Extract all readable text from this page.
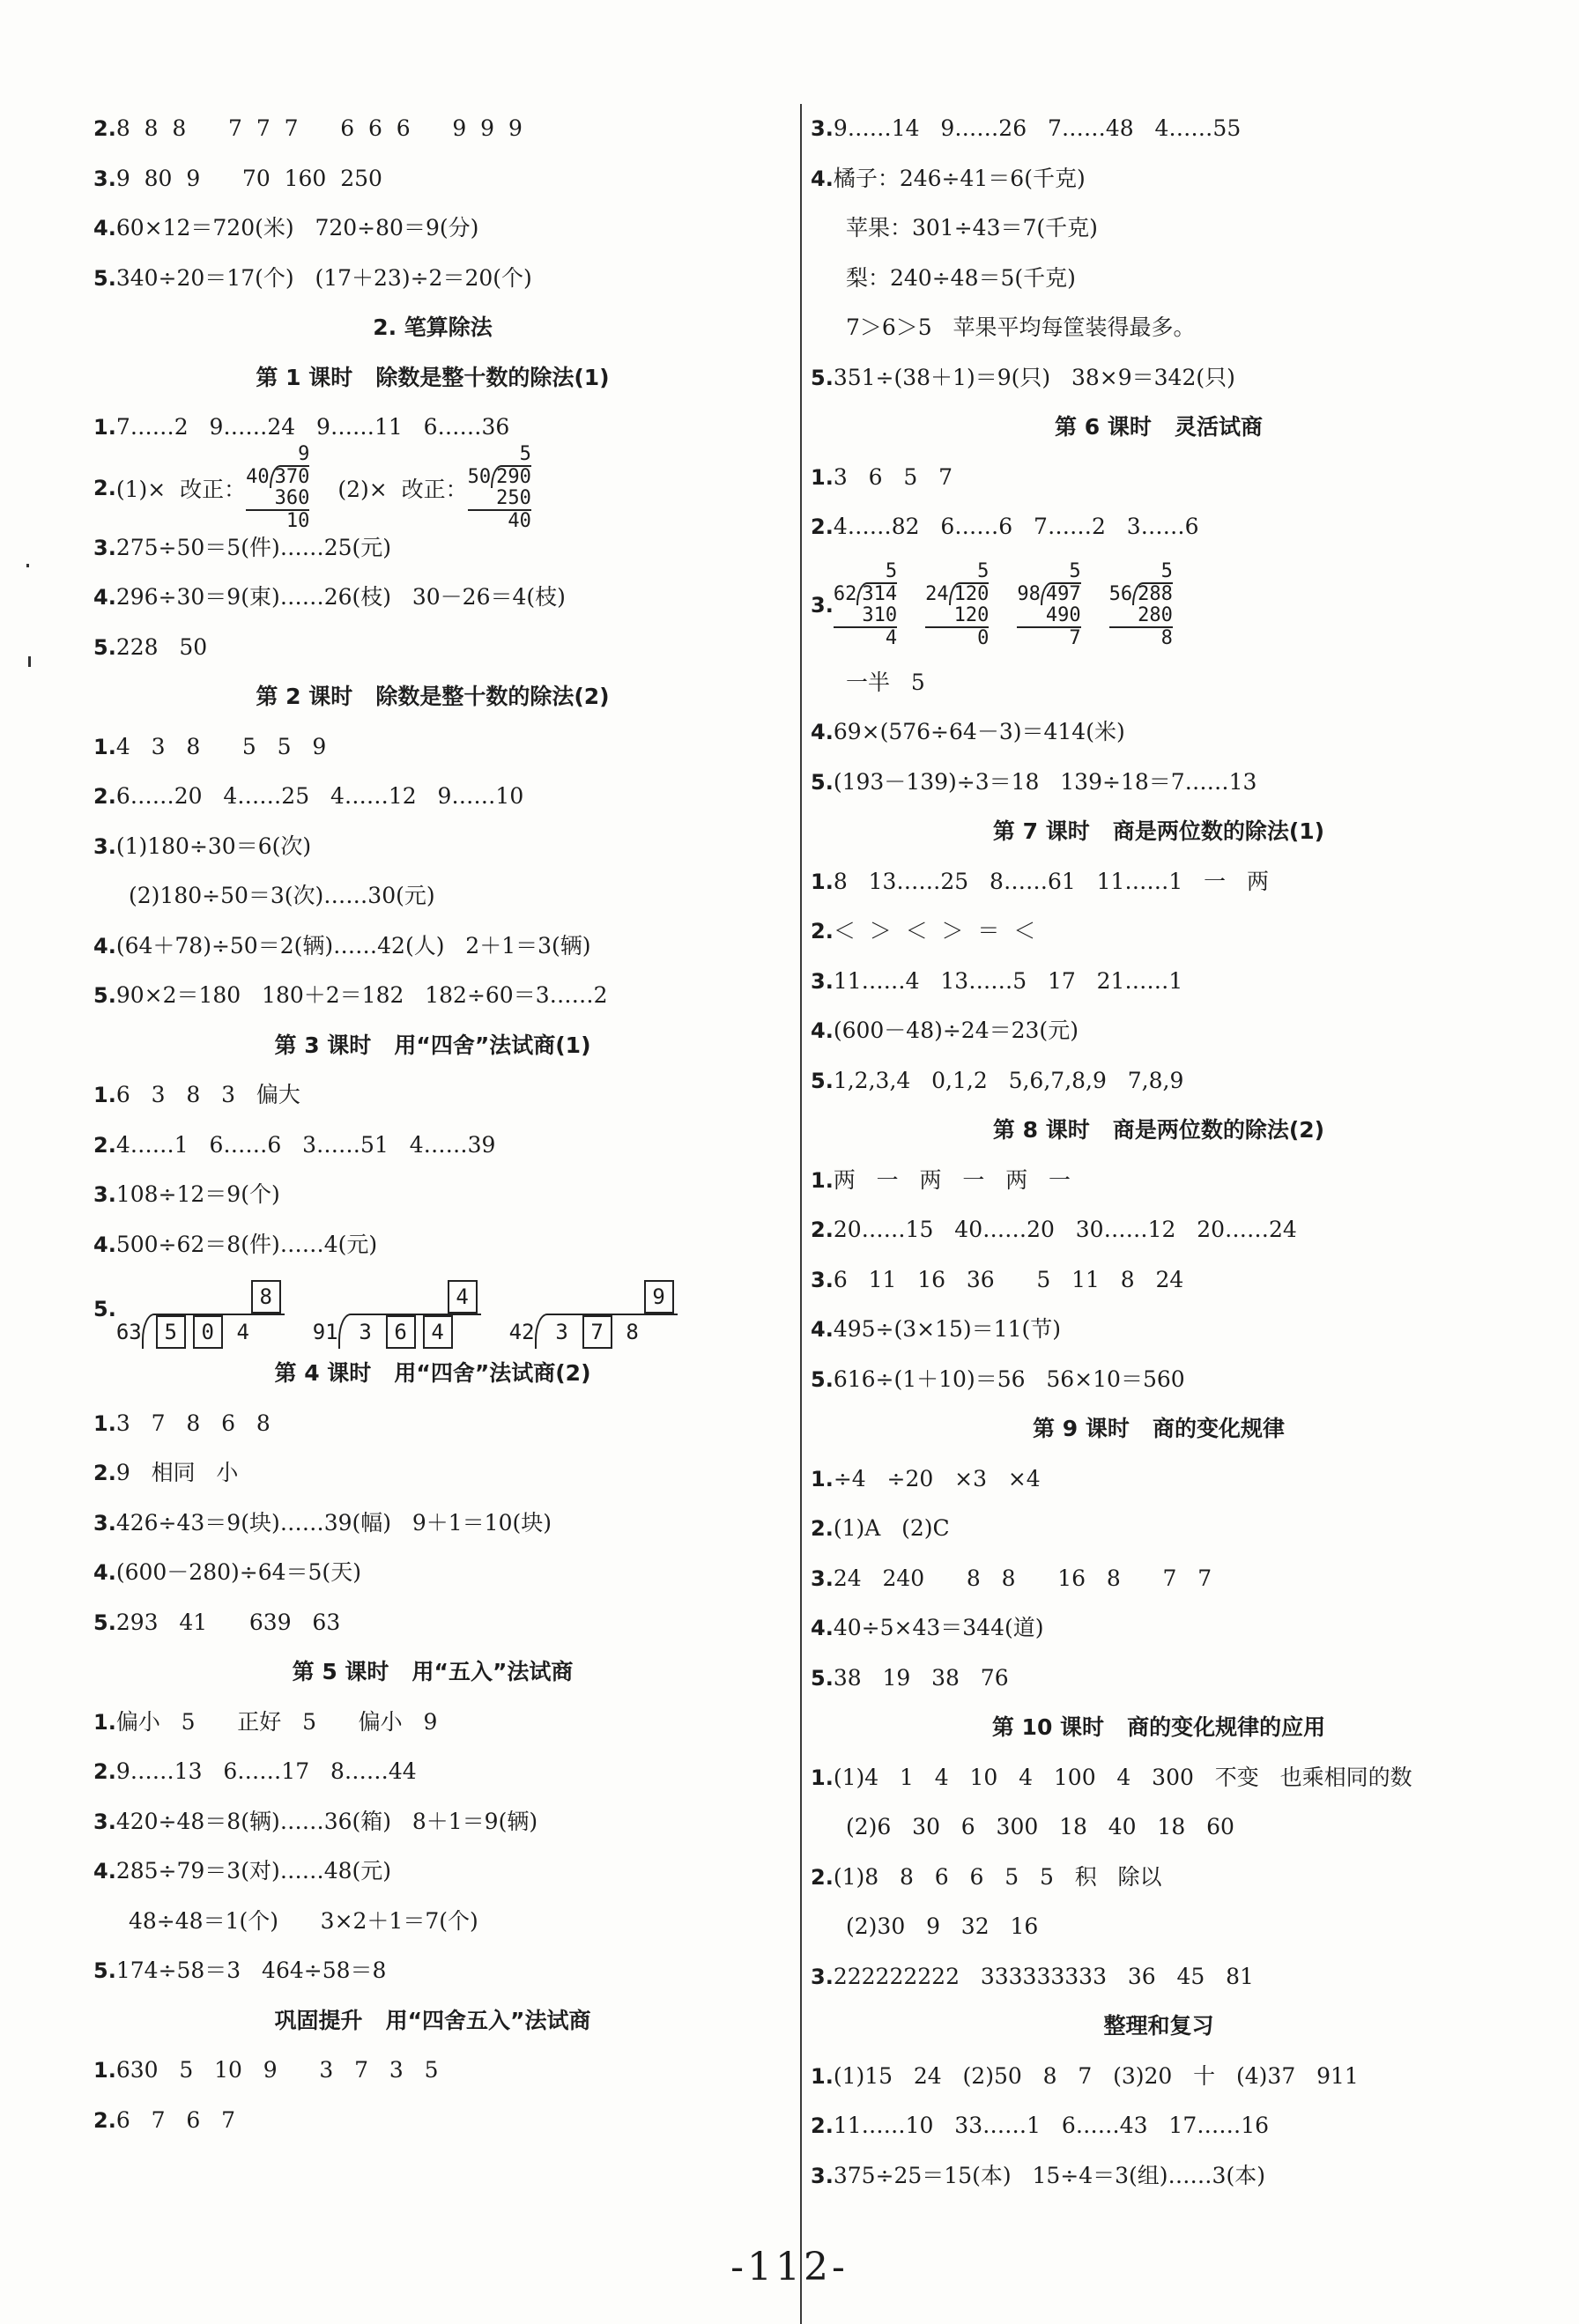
2.8  8  8      7  7  7      6  6  6      9  9  9
3.9  80  9      70  160  250
4.60×12＝720(米)   720÷80＝9(分)
5.340÷20＝17(个)   (17＋23)÷2＝20(个)
2. 笔算除法
第 1 课时   除数是整十数的除法(1)
1.7……2   9……24   9……11   6……36
2. (1)×  改正：
9
40 370
360
10
(2)×  改正：
5
50 290
250
40
3.275÷50＝5(件)……25(元)
4.296÷30＝9(束)……26(枝)   30－26＝4(枝)
5.228   50
第 2 课时   除数是整十数的除法(2)
1.4   3   8      5   5   9
2.6……20   4……25   4……12   9……10
3.(1)180÷30＝6(次)
(2)180÷50＝3(次)……30(元)
4.(64＋78)÷50＝2(辆)……42(人)   2＋1＝3(辆)
5.90×2＝180   180＋2＝182   182÷60＝3……2
第 3 课时   用“四舍”法试商(1)
1.6   3   8   3   偏大
2.4……1   6……6   3……51   4……39
3.108÷12＝9(个)
4.500÷62＝8(件)……4(元)
5.	8
63 5 0 4
4
91 3 6 4
9
42 3 7 8
第 4 课时   用“四舍”法试商(2)
1.3   7   8   6   8
2.9   相同   小
3.426÷43＝9(块)……39(幅)   9＋1＝10(块)
4.(600－280)÷64＝5(天)
5.293   41      639   63
第 5 课时   用“五入”法试商
1.偏小   5      正好   5      偏小   9
2.9……13   6……17   8……44
3.420÷48＝8(辆)……36(箱)   8＋1＝9(辆)
4.285÷79＝3(对)……48(元)
48÷48＝1(个)      3×2＋1＝7(个)
5.174÷58＝3   464÷58＝8
巩固提升   用“四舍五入”法试商
1.630   5   10   9      3   7   3   5
2.6   7   6   7
3.9……14   9……26   7……48   4……55
4.橘子：246÷41＝6(千克)
苹果：301÷43＝7(千克)
梨：240÷48＝5(千克)
7＞6＞5   苹果平均每筐装得最多。
5.351÷(38＋1)＝9(只)   38×9＝342(只)
第 6 课时   灵活试商
1.3   6   5   7
2.4……82   6……6   7……2   3……6
3.
5
62 314
310
4
5
24 120
120
0
5
98 497
490
7
5
56 288
280
8
一半   5
4.69×(576÷64－3)＝414(米)
5.(193－139)÷3＝18   139÷18＝7……13
第 7 课时   商是两位数的除法(1)
1.8   13……25   8……61   11……1   一   两
2.＜  ＞  ＜  ＞  ＝  ＜
3.11……4   13……5   17   21……1
4.(600－48)÷24＝23(元)
5.1,2,3,4   0,1,2   5,6,7,8,9   7,8,9
第 8 课时   商是两位数的除法(2)
1.两   一   两   一   两   一
2.20……15   40……20   30……12   20……24
3.6   11   16   36      5   11   8   24
4.495÷(3×15)＝11(节)
5.616÷(1＋10)＝56   56×10＝560
第 9 课时   商的变化规律
1.÷4   ÷20   ×3   ×4
2.(1)A   (2)C
3.24   240      8   8      16   8      7   7
4.40÷5×43＝344(道)
5.38   19   38   76
第 10 课时   商的变化规律的应用
1.(1)4   1   4   10   4   100   4   300   不变   也乘相同的数
(2)6   30   6   300   18   40   18   60
2.(1)8   8   6   6   5   5   积   除以
(2)30   9   32   16
3.222222222   333333333   36   45   81
整理和复习
1.(1)15   24   (2)50   8   7   (3)20   十   (4)37   911
2.11……10   33……1   6……43   17……16
3.375÷25＝15(本)   15÷4＝3(组)……3(本)
-112-
